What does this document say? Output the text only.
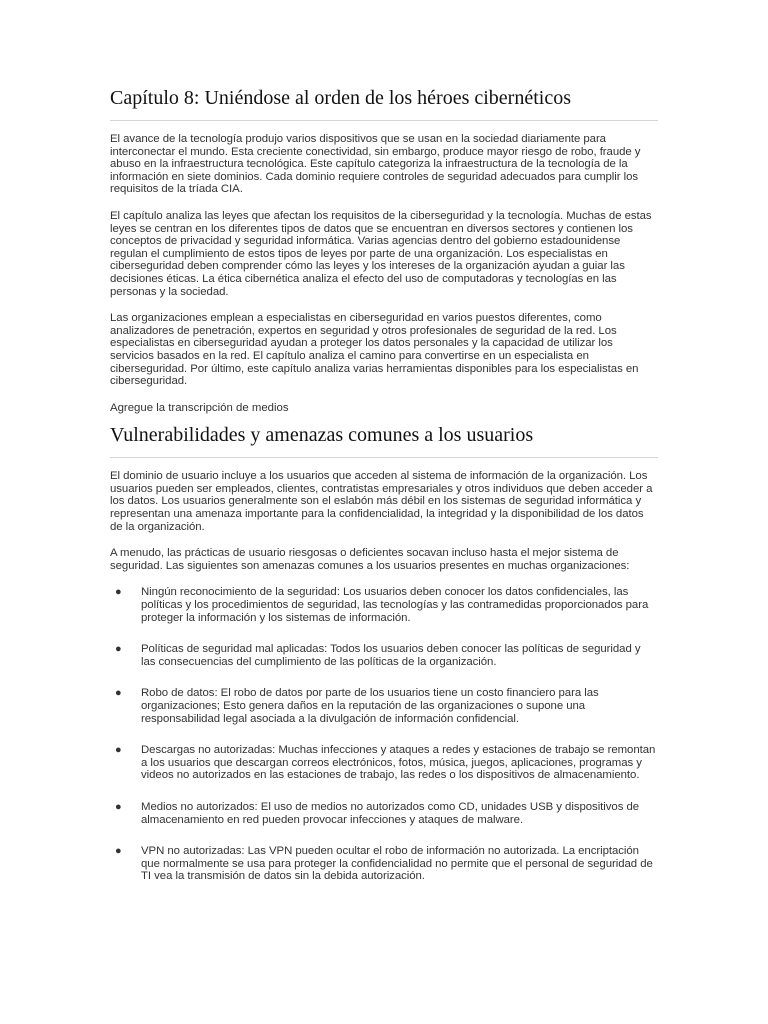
Capítulo 8: Uniéndose al orden de los héroes cibernéticos

El avance de la tecnología produjo varios dispositivos que se usan en la sociedad diariamente para interconectar el mundo. Esta creciente conectividad, sin embargo, produce mayor riesgo de robo, fraude y abuso en la infraestructura tecnológica. Este capítulo categoriza la infraestructura de la tecnología de la información en siete dominios. Cada dominio requiere controles de seguridad adecuados para cumplir los requisitos de la tríada CIA.

El capítulo analiza las leyes que afectan los requisitos de la ciberseguridad y la tecnología. Muchas de estas leyes se centran en los diferentes tipos de datos que se encuentran en diversos sectores y contienen los conceptos de privacidad y seguridad informática. Varias agencias dentro del gobierno estadounidense regulan el cumplimiento de estos tipos de leyes por parte de una organización. Los especialistas en ciberseguridad deben comprender cómo las leyes y los intereses de la organización ayudan a guiar las decisiones éticas. La ética cibernética analiza el efecto del uso de computadoras y tecnologías en las personas y la sociedad.

Las organizaciones emplean a especialistas en ciberseguridad en varios puestos diferentes, como analizadores de penetración, expertos en seguridad y otros profesionales de seguridad de la red. Los especialistas en ciberseguridad ayudan a proteger los datos personales y la capacidad de utilizar los servicios basados en la red. El capítulo analiza el camino para convertirse en un especialista en ciberseguridad. Por último, este capítulo analiza varias herramientas disponibles para los especialistas en ciberseguridad.

Agregue la transcripción de medios

Vulnerabilidades y amenazas comunes a los usuarios

El dominio de usuario incluye a los usuarios que acceden al sistema de información de la organización. Los usuarios pueden ser empleados, clientes, contratistas empresariales y otros individuos que deben acceder a los datos. Los usuarios generalmente son el eslabón más débil en los sistemas de seguridad informática y representan una amenaza importante para la confidencialidad, la integridad y la disponibilidad de los datos de la organización.

A menudo, las prácticas de usuario riesgosas o deficientes socavan incluso hasta el mejor sistema de seguridad. Las siguientes son amenazas comunes a los usuarios presentes en muchas organizaciones:

● Ningún reconocimiento de la seguridad: Los usuarios deben conocer los datos confidenciales, las políticas y los procedimientos de seguridad, las tecnologías y las contramedidas proporcionados para proteger la información y los sistemas de información.
● Políticas de seguridad mal aplicadas: Todos los usuarios deben conocer las políticas de seguridad y las consecuencias del cumplimiento de las políticas de la organización.
● Robo de datos: El robo de datos por parte de los usuarios tiene un costo financiero para las organizaciones; Esto genera daños en la reputación de las organizaciones o supone una responsabilidad legal asociada a la divulgación de información confidencial.
● Descargas no autorizadas: Muchas infecciones y ataques a redes y estaciones de trabajo se remontan a los usuarios que descargan correos electrónicos, fotos, música, juegos, aplicaciones, programas y videos no autorizados en las estaciones de trabajo, las redes o los dispositivos de almacenamiento.
● Medios no autorizados: El uso de medios no autorizados como CD, unidades USB y dispositivos de almacenamiento en red pueden provocar infecciones y ataques de malware.
● VPN no autorizadas: Las VPN pueden ocultar el robo de información no autorizada. La encriptación que normalmente se usa para proteger la confidencialidad no permite que el personal de seguridad de TI vea la transmisión de datos sin la debida autorización.
